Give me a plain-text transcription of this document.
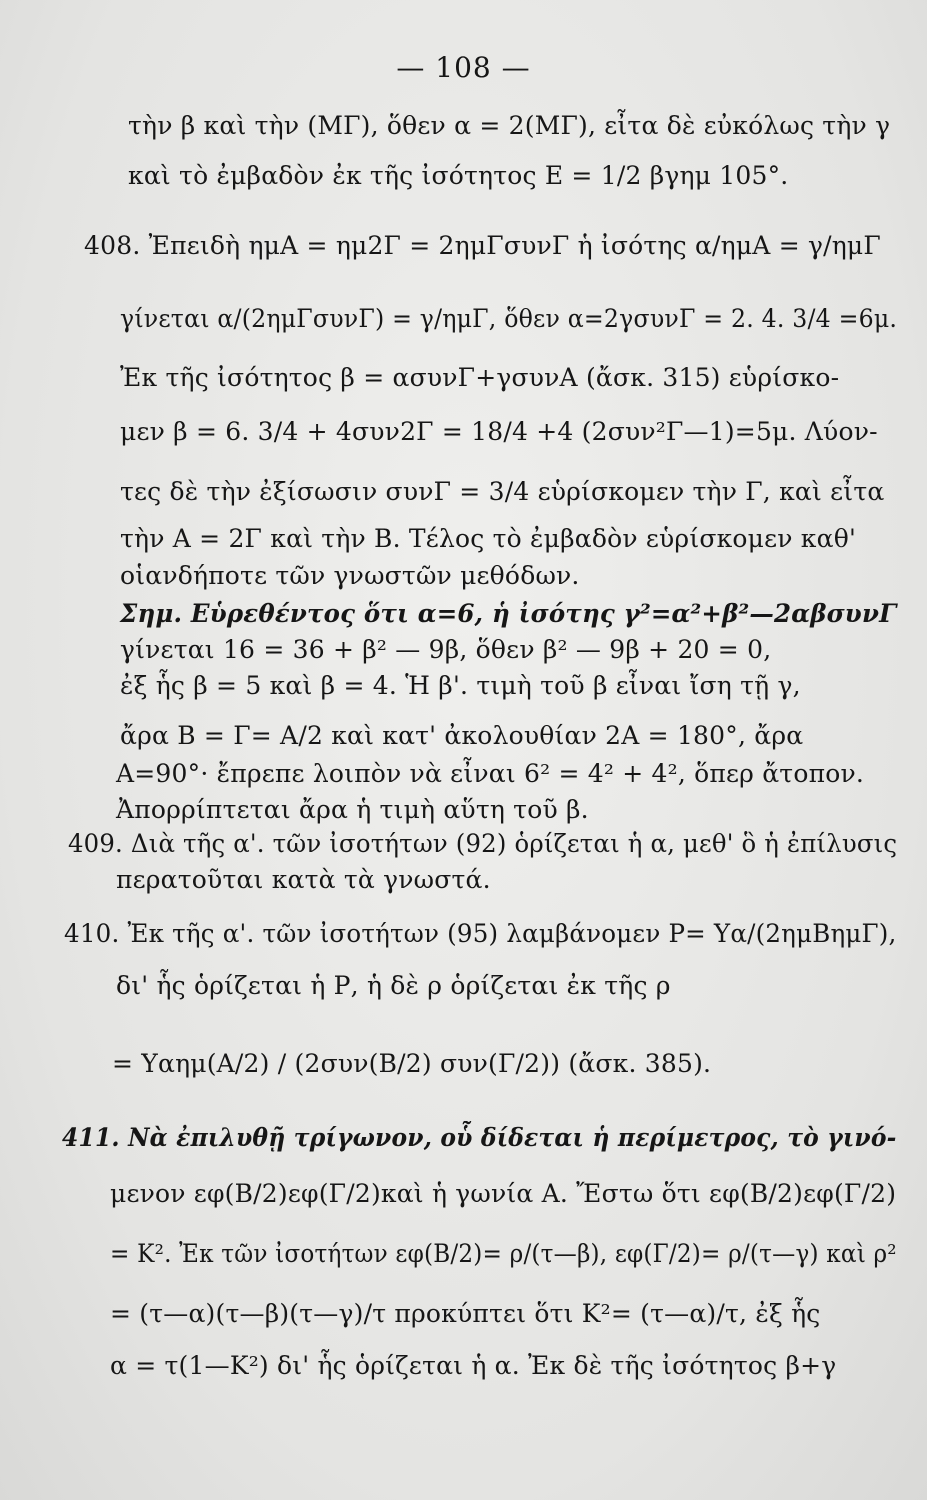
— 108 —
τὴν β καὶ τὴν (ΜΓ), ὅθεν α = 2(ΜΓ), εἶτα δὲ εὐκόλως τὴν γ
καὶ τὸ ἐμβαδὸν ἐκ τῆς ἰσότητος Ε = 1/2 βγημ 105°.
408. Ἐπειδὴ ημΑ = ημ2Γ = 2ημΓσυνΓ ἡ ἰσότης α/ημΑ = γ/ημΓ
γίνεται α/(2ημΓσυνΓ) = γ/ημΓ, ὅθεν α=2γσυνΓ = 2. 4. 3/4 =6μ.
Ἐκ τῆς ἰσότητος β = ασυνΓ+γσυνΑ (ἄσκ. 315) εὑρίσκο-
μεν β = 6. 3/4 + 4συν2Γ = 18/4 +4 (2συν²Γ—1)=5μ. Λύον-
τες δὲ τὴν ἐξίσωσιν συνΓ = 3/4 εὑρίσκομεν τὴν Γ, καὶ εἶτα
τὴν Α = 2Γ καὶ τὴν Β. Τέλος τὸ ἐμβαδὸν εὑρίσκομεν καθ'
οἱανδήποτε τῶν γνωστῶν μεθόδων.
Σημ. Εὑρεθέντος ὅτι α=6, ἡ ἰσότης γ²=α²+β²—2αβσυνΓ
γίνεται 16 = 36 + β² — 9β, ὅθεν β² — 9β + 20 = 0,
ἐξ ἧς β = 5 καὶ β = 4. Ἡ β'. τιμὴ τοῦ β εἶναι ἴση τῇ γ,
ἄρα Β = Γ= Α/2 καὶ κατ' ἀκολουθίαν 2Α = 180°, ἄρα
Α=90°· ἔπρεπε λοιπὸν νὰ εἶναι 6² = 4² + 4², ὅπερ ἄτοπον.
Ἀπορρίπτεται ἄρα ἡ τιμὴ αὕτη τοῦ β.
409. Διὰ τῆς α'. τῶν ἰσοτήτων (92) ὁρίζεται ἡ α, μεθ' ὃ ἡ ἐπίλυσις
περατοῦται κατὰ τὰ γνωστά.
410. Ἐκ τῆς α'. τῶν ἰσοτήτων (95) λαμβάνομεν Ρ= Υα/(2ημΒημΓ),
δι' ἧς ὁρίζεται ἡ Ρ, ἡ δὲ ρ ὁρίζεται ἐκ τῆς ρ
= Υαημ(Α/2) / (2συν(Β/2) συν(Γ/2)) (ἄσκ. 385).
411. Νὰ ἐπιλυθῇ τρίγωνον, οὗ δίδεται ἡ περίμετρος, τὸ γινό-
μενον εφ(Β/2)εφ(Γ/2)καὶ ἡ γωνία Α. Ἔστω ὅτι εφ(Β/2)εφ(Γ/2)
= Κ². Ἐκ τῶν ἰσοτήτων εφ(Β/2)= ρ/(τ—β), εφ(Γ/2)= ρ/(τ—γ) καὶ ρ²
= (τ—α)(τ—β)(τ—γ)/τ προκύπτει ὅτι Κ²= (τ—α)/τ, ἐξ ἧς
α = τ(1—Κ²) δι' ἧς ὁρίζεται ἡ α. Ἐκ δὲ τῆς ἰσότητος β+γ
